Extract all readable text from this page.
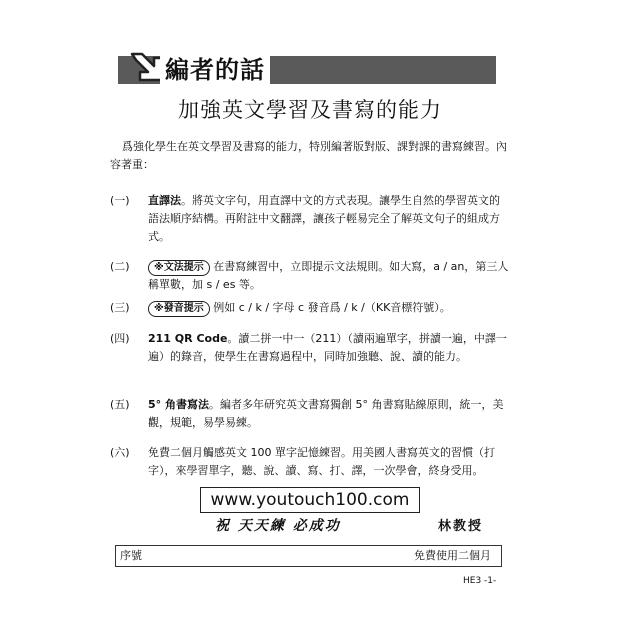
編者的話
加強英文學習及書寫的能力
爲強化學生在英文學習及書寫的能力，特別編著版對版、課對課的書寫練習。內容著重：
(一)	直譯法。將英文字句，用直譯中文的方式表現。讓學生自然的學習英文的語法順序結構。再附註中文翻譯，讓孩子輕易完全了解英文句子的組成方式。
(二)	※文法提示 在書寫練習中，立即提示文法規則。如大寫，a / an，第三人稱單數，加 s / es 等。
(三)	※發音提示 例如 c / k / 字母 c 發音爲 / k /（KK音標符號）。
(四)	211 QR Code。讀二拼一中一（211）（讀兩遍單字，拼讀一遍，中譯一遍）的錄音，使學生在書寫過程中，同時加強聽、說、讀的能力。
(五)	5° 角書寫法。編者多年研究英文書寫獨創 5° 角書寫貼線原則，統一，美觀，規範，易學易練。
(六)	免費二個月觸感英文 100 單字記憶練習。用美國人書寫英文的習慣（打字），來學習單字，聽、說、讀、寫、打、譯，一次學會，終身受用。
www.youtouch100.com
祝 天天練 必成功	林教授
序號	免費使用二個月
HE3 -1-
